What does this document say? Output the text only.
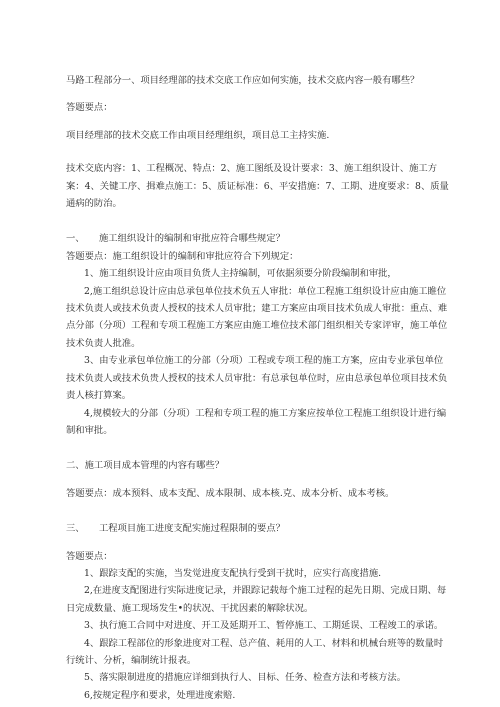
马路工程部分一、项目经理部的技术交底工作应如何实施，技术交底内容一般有哪些？

答题要点：

项目经理部的技术交底工作由项目经理组织，项目总工主持实施.

技术交底内容：1、工程概况、特点：2、施工图纸及设计要求：3、施工组织设计、施工方案：4、关键工序、揖难点施工：5、质证标准：6、平安措施：7、工期、进度要求：8、质量通病的防治。

一、	施工组织设计的编制和审批应符合哪些规定？

答题要点：施工组织设计的编制和审批应符合下列规定：

1、施工组织设计应由项目负货人主持编制，可依据须要分阶段编制和审批，

2,施工组织总设计应由总承包单位技术负五人审批：单位工程施工组织设计应由施工睢位技术负责人或技术负责人授权的技术人员审批；建工方案应由项目技术负成人审批：重点、难点分部（分项）工程和专项工程施工方案应由施工堆位技术部门组织相关专家评审，施工单位技术负责人批准。

3、由专业承包单位施工的分部（分项）工程或专项工程的施工方案，应由专业承包单位技术负责人或技术负贵人授权的技术人员审批：有总承包单位时，应由总承包单位项目技术负责人核打算案。

4,规模较大的分部（分项）工程和专项工程的施工方案应按单位工程施工组织设计进行编制和审批。

二、施工项目成本管理的内容有哪些？

答题要点：成本预料、成本支配、成本限制、成本核.克、成本分析、成本考核。

三、	工程项目施工进度支配实施过程限制的要点？

答题要点：

1、跟踪支配的实施，当发觉进度支配执行受到干扰时，应实行高度措施.

2,在进度支配图进行实际进度记录，并跟踪记载每个施工过程的起先日期、完成日期、每日完成数量、施工现场发生•的状况、干扰因素的解除状况。

3、执行施工合同中对进度、开工及延期开工、暂停施工、工期延误、工程竣工的承诺。

4、跟踪工程部位的形象进度对工程、总产值、耗用的人工、材料和机械台班等的数量时行统计、分析，编制统计报表。

5、落实限制进度的措施应详细到执行人、目标、任务、检查方法和考核方法。

6,按规定程序和要求，处理进度索赔.
